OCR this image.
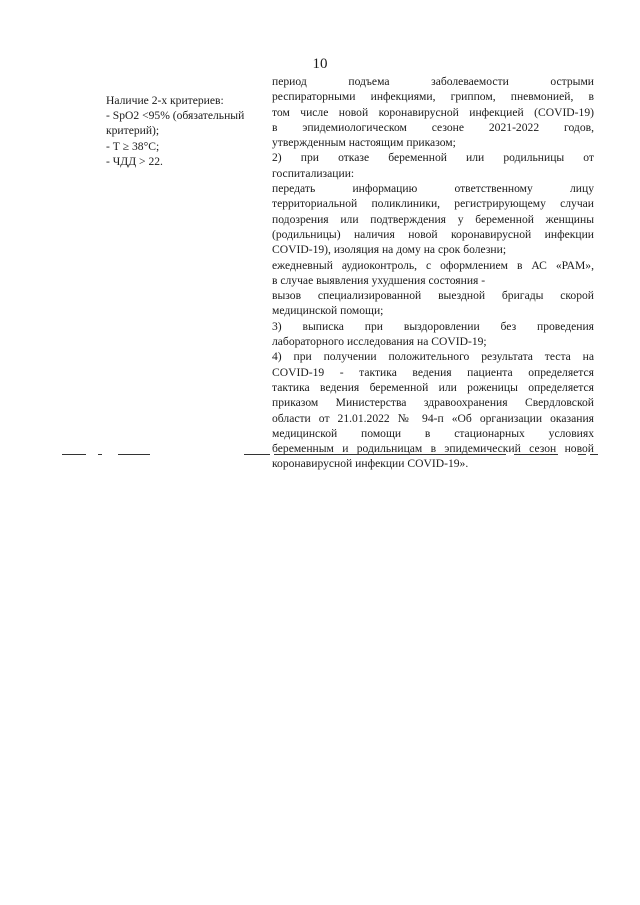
10
Наличие 2-х критериев:
- SpO2 <95% (обязательный
критерий);
- Т ≥ 38°С;
- ЧДД > 22.
период подъема заболеваемости острыми
респираторными инфекциями, гриппом, пневмонией, в
том числе новой коронавирусной инфекцией (COVID-19)
в эпидемиологическом сезоне 2021-2022 годов,
утвержденным настоящим приказом;
2) при отказе беременной или родильницы от
госпитализации:
передать информацию ответственному лицу
территориальной поликлиники, регистрирующему случаи
подозрения или подтверждения у беременной женщины
(родильницы) наличия новой коронавирусной инфекции
COVID-19), изоляция на дому на срок болезни;
ежедневный аудиоконтроль, с оформлением в АС «РАМ»,
в случае выявления ухудшения состояния -
вызов специализированной выездной бригады скорой
медицинской помощи;
3) выписка при выздоровлении без проведения
лабораторного исследования на COVID-19;
4) при получении положительного результата теста на
COVID-19 - тактика ведения пациента определяется
тактика ведения беременной или роженицы определяется
приказом Министерства здравоохранения Свердловской
области от 21.01.2022 № 94-п «Об организации оказания
медицинской помощи в стационарных условиях
беременным и родильницам в эпидемический сезон новой
коронавирусной инфекции COVID-19».
